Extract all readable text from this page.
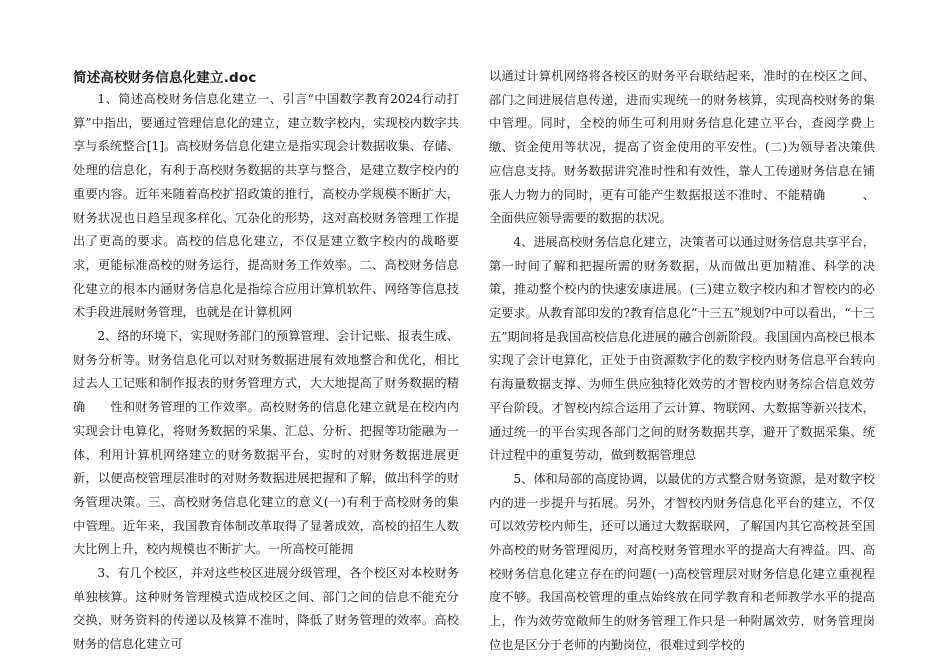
简述高校财务信息化建立.doc

1、简述高校财务信息化建立一、引言“中国数字教育2024行动打算”中指出，要通过管理信息化的建立，建立数字校内，实现校内数字共享与系统整合[1]。高校财务信息化建立是指实现会计数据收集、存储、处理的信息化，有利于高校财务数据的共享与整合，是建立数字校内的重要内容。近年来随着高校扩招政策的推行，高校办学规模不断扩大，财务状况也日趋呈现多样化、冗杂化的形势，这对高校财务管理工作提出了更高的要求。高校的信息化建立，不仅是建立数字校内的战略要求，更能标准高校的财务运行，提高财务工作效率。二、高校财务信息化建立的根本内涵财务信息化是指综合应用计算机软件、网络等信息技术手段进展财务管理，也就是在计算机网

2、络的环境下，实现财务部门的预算管理、会计记账、报表生成、财务分析等。财务信息化可以对财务数据进展有效地整合和优化，相比过去人工记账和制作报表的财务管理方式，大大地提高了财务数据的精确　　性和财务管理的工作效率。高校财务的信息化建立就是在校内内实现会计电算化，将财务数据的采集、汇总、分析、把握等功能融为一体，利用计算机网络建立的财务数据平台，实时的对财务数据进展更新，以便高校管理层准时的对财务数据进展把握和了解，做出科学的财务管理决策。三、高校财务信息化建立的意义(一)有利于高校财务的集中管理。近年来，我国教育体制改革取得了显著成效，高校的招生人数大比例上升，校内规模也不断扩大。一所高校可能拥

3、有几个校区，并对这些校区进展分级管理，各个校区对本校财务单独核算。这种财务管理模式造成校区之间、部门之间的信息不能充分交换，财务资料的传递以及核算不准时，降低了财务管理的效率。高校财务的信息化建立可

以通过计算机网络将各校区的财务平台联结起来，准时的在校区之间、部门之间进展信息传递，进而实现统一的财务核算，实现高校财务的集中管理。同时，全校的师生可利用财务信息化建立平台，查阅学费上缴、资金使用等状况，提高了资金使用的平安性。(二)为领导者决策供应信息支持。财务数据讲究准时性和有效性，靠人工传递财务信息在铺张人力物力的同时，更有可能产生数据报送不准时、不能精确　　　、全面供应领导需要的数据的状况。

4、进展高校财务信息化建立，决策者可以通过财务信息共享平台，第一时间了解和把握所需的财务数据，从而做出更加精准、科学的决策，推动整个校内的快速安康进展。(三)建立数字校内和才智校内的必定要求。从教育部印发的?教育信息化“十三五”规划?中可以看出，“十三五”期间将是我国高校信息化进展的融合创新阶段。我国国内高校已根本实现了会计电算化，正处于由资源数字化的数字校内财务信息平台转向有海量数据支撑、为师生供应独特化效劳的才智校内财务综合信息效劳平台阶段。才智校内综合运用了云计算、物联网、大数据等新兴技术，通过统一的平台实现各部门之间的财务数据共享，避开了数据采集、统计过程中的重复劳动，做到数据管理总

5、体和局部的高度协调，以最优的方式整合财务资源，是对数字校内的进一步提升与拓展。另外，才智校内财务信息化平台的建立，不仅可以效劳校内师生，还可以通过大数据联网，了解国内其它高校甚至国外高校的财务管理阅历，对高校财务管理水平的提高大有裨益。四、高校财务信息化建立存在的问题(一)高校管理层对财务信息化建立重视程度不够。我国高校管理的重点始终放在同学教育和老师教学水平的提高上，作为效劳宽敞师生的财务管理工作只是一种附属效劳，财务管理岗位也是区分于老师的内勤岗位，很难过到学校的
